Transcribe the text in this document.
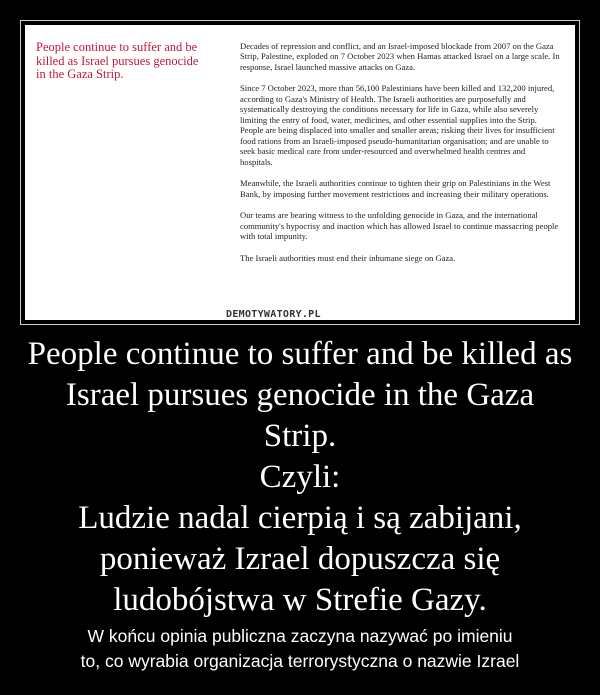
People continue to suffer and be killed as Israel pursues genocide in the Gaza Strip.

Decades of repression and conflict, and an Israel-imposed blockade from 2007 on the Gaza Strip, Palestine, exploded on 7 October 2023 when Hamas attacked Israel on a large scale. In response, Israel launched massive attacks on Gaza.

Since 7 October 2023, more than 56,100 Palestinians have been killed and 132,200 injured, according to Gaza's Ministry of Health. The Israeli authorities are purposefully and systematically destroying the conditions necessary for life in Gaza, while also severely limiting the entry of food, water, medicines, and other essential supplies into the Strip. People are being displaced into smaller and smaller areas; risking their lives for insufficient food rations from an Israeli-imposed pseudo-humanitarian organisation; and are unable to seek basic medical care from under-resourced and overwhelmed health centres and hospitals.

Meanwhile, the Israeli authorities continue to tighten their grip on Palestinians in the West Bank, by imposing further movement restrictions and increasing their military operations.

Our teams are bearing witness to the unfolding genocide in Gaza, and the international community's hypocrisy and inaction which has allowed Israel to continue massacring people with total impunity.

The Israeli authorities must end their inhumane siege on Gaza.

DEMOTYWATORY.PL
People continue to suffer and be killed as
Israel pursues genocide in the Gaza
Strip.
Czyli:
Ludzie nadal cierpią i są zabijani,
ponieważ Izrael dopuszcza się
ludobójstwa w Strefie Gazy.
W końcu opinia publiczna zaczyna nazywać po imieniu
to, co wyrabia organizacja terrorystyczna o nazwie Izrael
